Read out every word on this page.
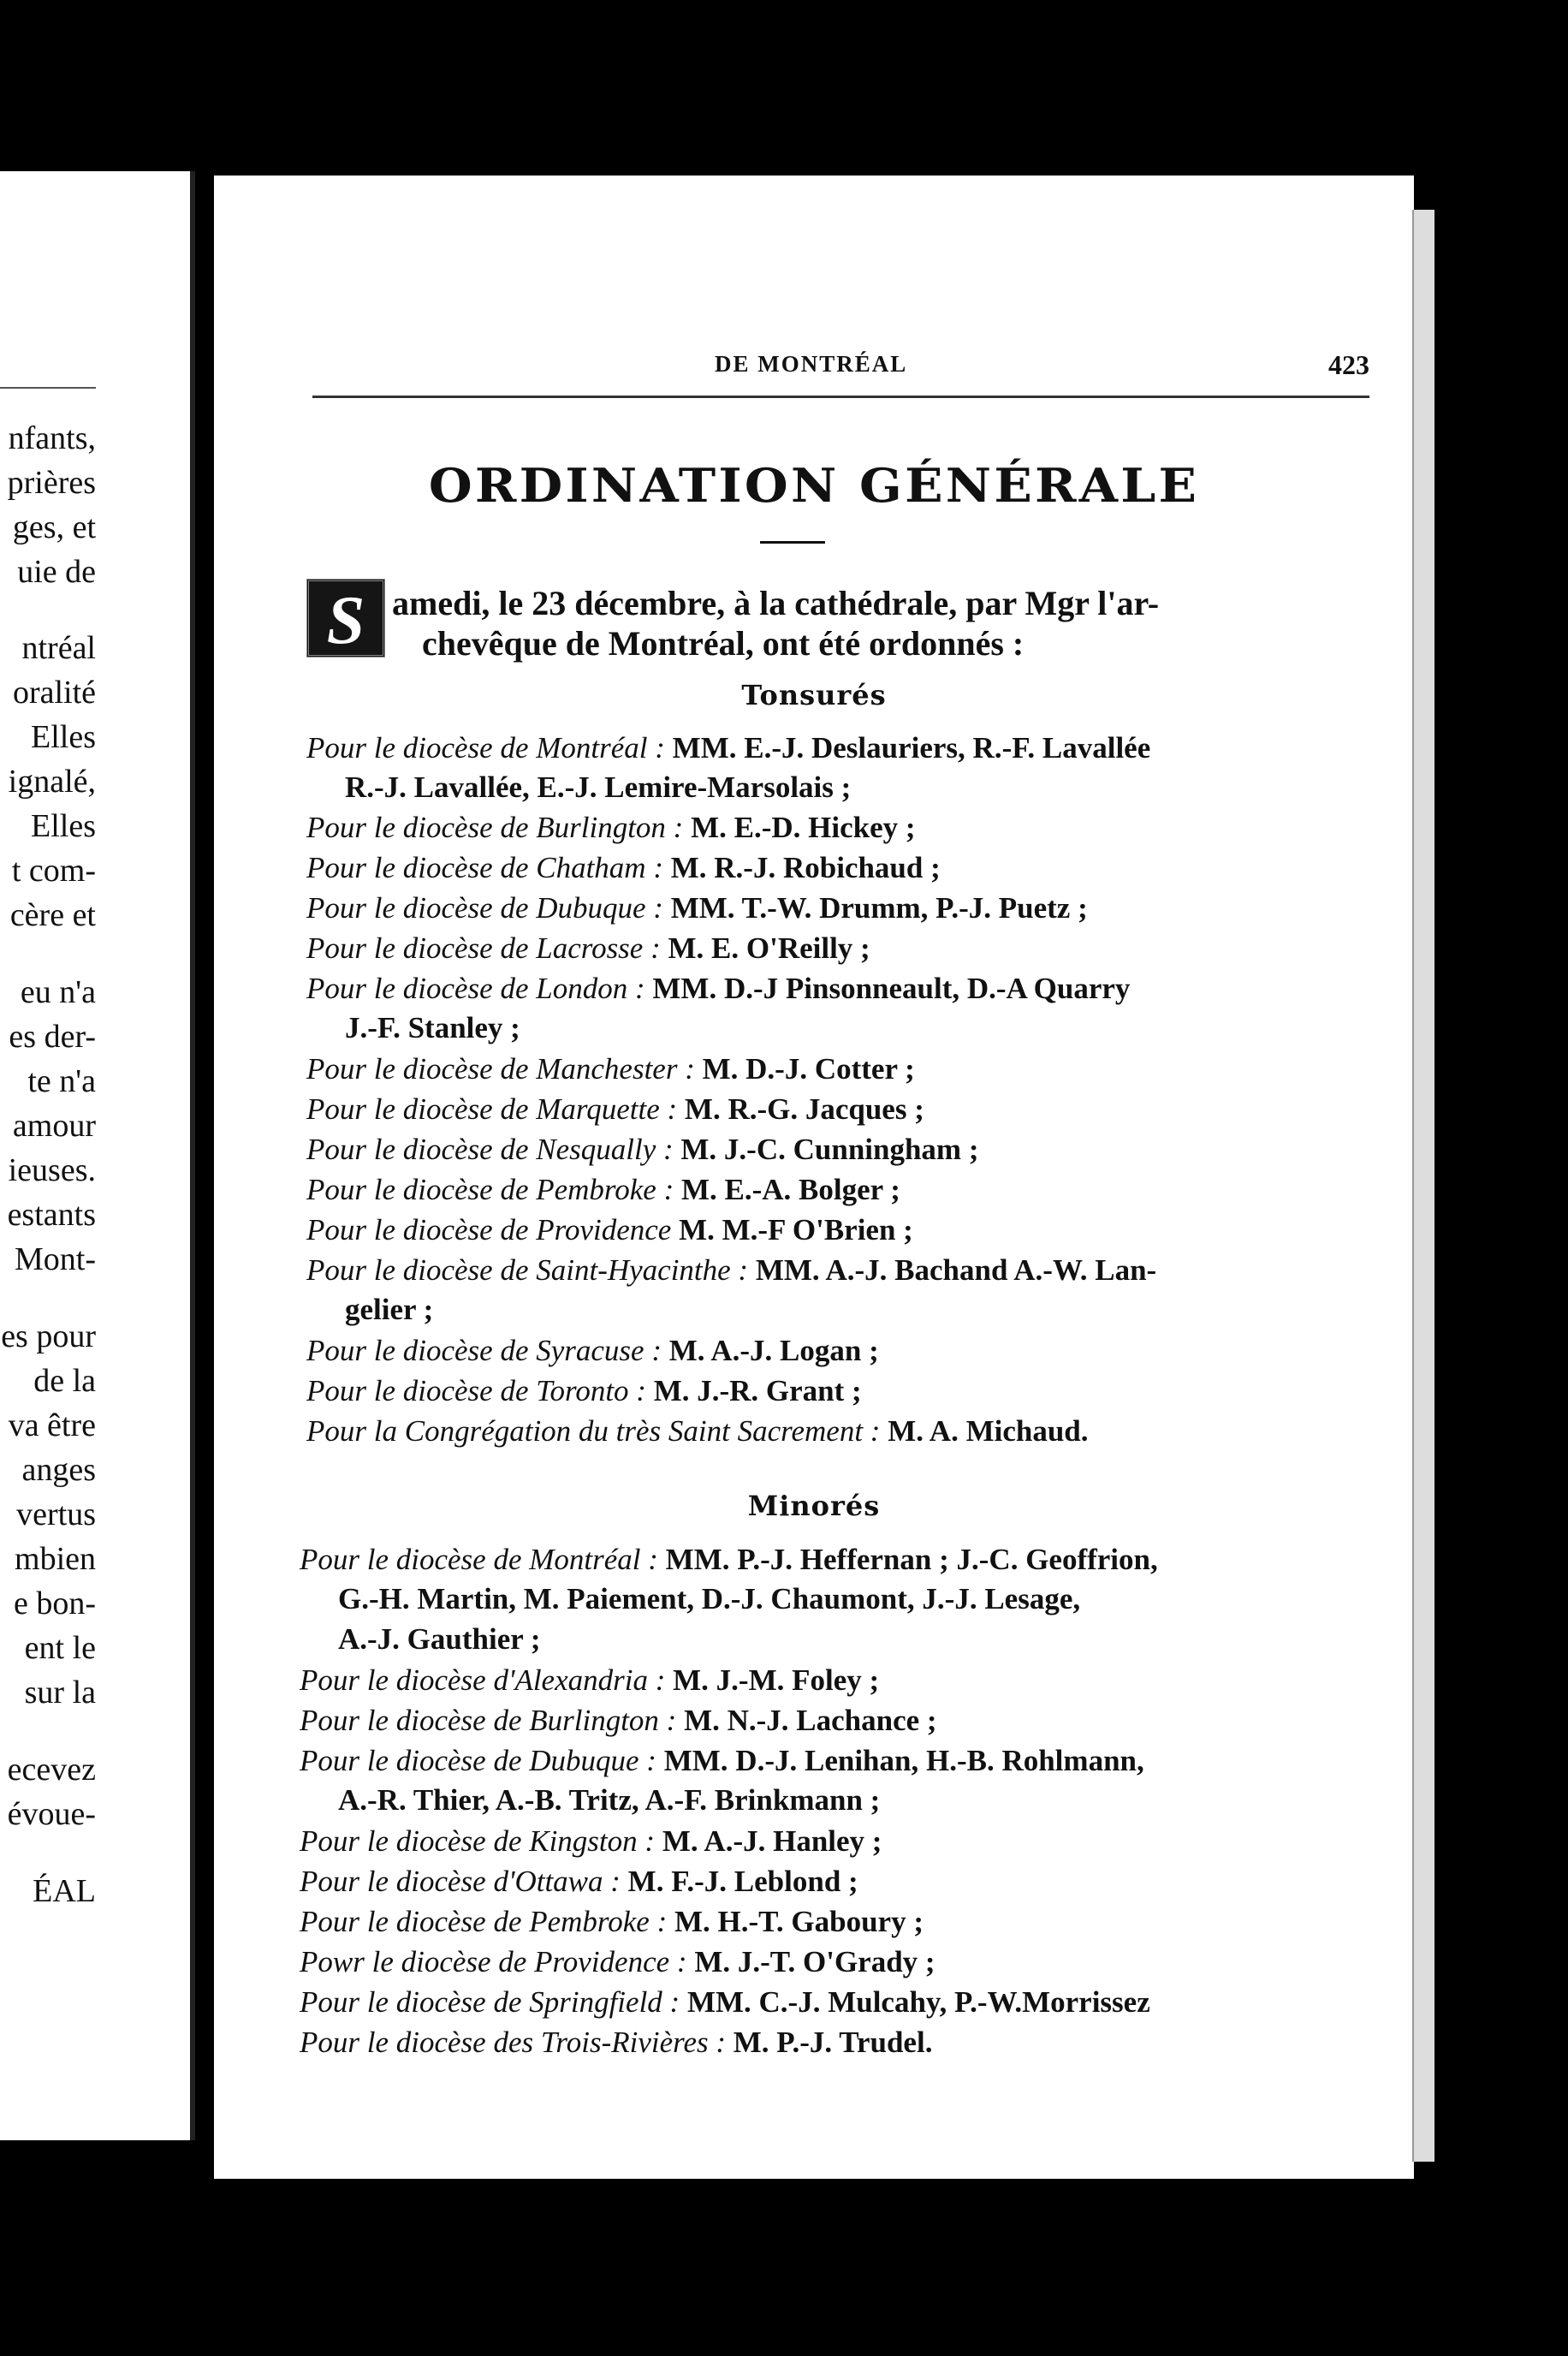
nfants,
prières
ges, et
uie de
ntréal
oralité
Elles
ignalé,
Elles
t com-
cère et
eu n'a
es der-
te n'a
amour
ieuses.
estants
Mont-
es pour
de la
va être
anges
vertus
mbien
e bon-
ent le
sur la
ecevez
évoue-
ÉAL
DE MONTRÉAL	423
ORDINATION GÉNÉRALE
S amedi, le 23 décembre, à la cathédrale, par Mgr l'ar-
chevêque de Montréal, ont été ordonnés :
Tonsurés
Pour le diocèse de Montréal : MM. E.-J. Deslauriers, R.-F. Lavallée
R.-J. Lavallée, E.-J. Lemire-Marsolais ;
Pour le diocèse de Burlington : M. E.-D. Hickey ;
Pour le diocèse de Chatham : M. R.-J. Robichaud ;
Pour le diocèse de Dubuque : MM. T.-W. Drumm, P.-J. Puetz ;
Pour le diocèse de Lacrosse : M. E. O'Reilly ;
Pour le diocèse de London : MM. D.-J Pinsonneault, D.-A Quarry
J.-F. Stanley ;
Pour le diocèse de Manchester : M. D.-J. Cotter ;
Pour le diocèse de Marquette : M. R.-G. Jacques ;
Pour le diocèse de Nesqually : M. J.-C. Cunningham ;
Pour le diocèse de Pembroke : M. E.-A. Bolger ;
Pour le diocèse de Providence M. M.-F O'Brien ;
Pour le diocèse de Saint-Hyacinthe : MM. A.-J. Bachand A.-W. Lan-
gelier ;
Pour le diocèse de Syracuse : M. A.-J. Logan ;
Pour le diocèse de Toronto : M. J.-R. Grant ;
Pour la Congrégation du très Saint Sacrement : M. A. Michaud.
Minorés
Pour le diocèse de Montréal : MM. P.-J. Heffernan ; J.-C. Geoffrion,
G.-H. Martin, M. Paiement, D.-J. Chaumont, J.-J. Lesage,
A.-J. Gauthier ;
Pour le diocèse d'Alexandria : M. J.-M. Foley ;
Pour le diocèse de Burlington : M. N.-J. Lachance ;
Pour le diocèse de Dubuque : MM. D.-J. Lenihan, H.-B. Rohlmann,
A.-R. Thier, A.-B. Tritz, A.-F. Brinkmann ;
Pour le diocèse de Kingston : M. A.-J. Hanley ;
Pour le diocèse d'Ottawa : M. F.-J. Leblond ;
Pour le diocèse de Pembroke : M. H.-T. Gaboury ;
Powr le diocèse de Providence : M. J.-T. O'Grady ;
Pour le diocèse de Springfield : MM. C.-J. Mulcahy, P.-W.Morrissez
Pour le diocèse des Trois-Rivières : M. P.-J. Trudel.
